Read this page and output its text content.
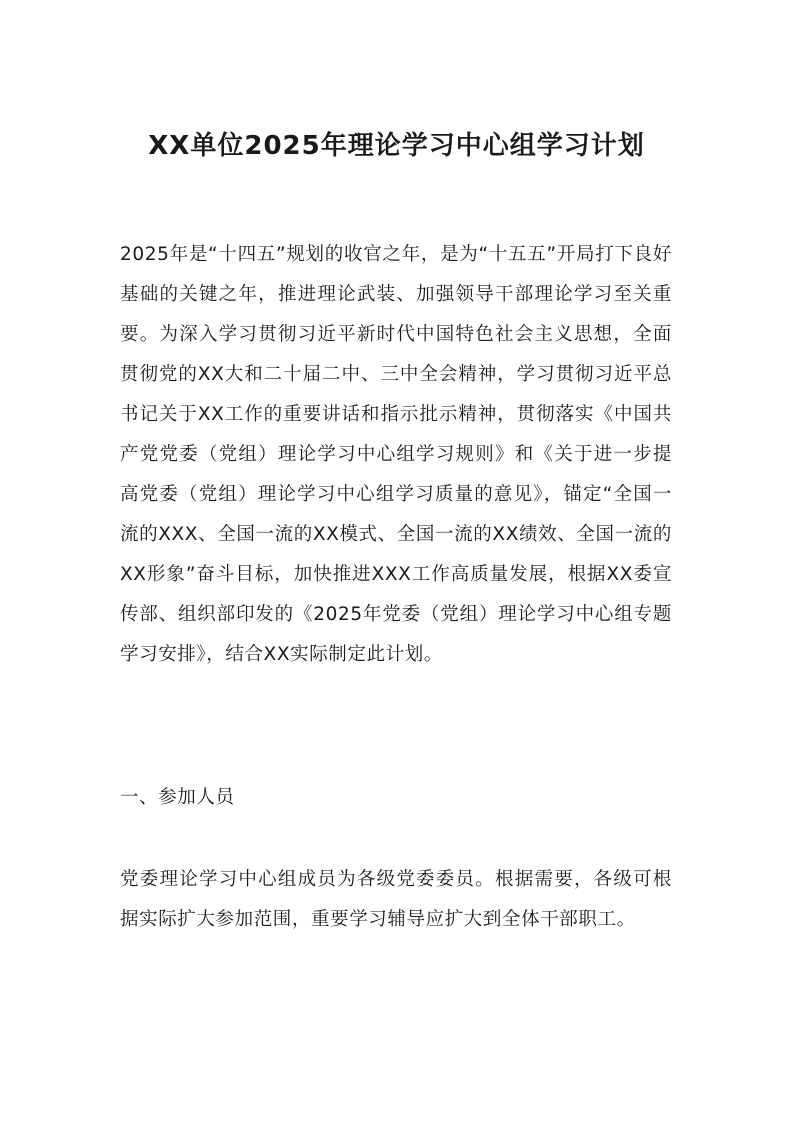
XX单位2025年理论学习中心组学习计划

2025年是“十四五”规划的收官之年，是为“十五五”开局打下良好基础的关键之年，推进理论武装、加强领导干部理论学习至关重要。为深入学习贯彻习近平新时代中国特色社会主义思想，全面贯彻党的XX大和二十届二中、三中全会精神，学习贯彻习近平总书记关于XX工作的重要讲话和指示批示精神，贯彻落实《中国共产党党委（党组）理论学习中心组学习规则》和《关于进一步提高党委（党组）理论学习中心组学习质量的意见》，锚定“全国一流的XXX、全国一流的XX模式、全国一流的XX绩效、全国一流的XX形象”奋斗目标，加快推进XXX工作高质量发展，根据XX委宣传部、组织部印发的《2025年党委（党组）理论学习中心组专题学习安排》，结合XX实际制定此计划。

一、参加人员

党委理论学习中心组成员为各级党委委员。根据需要，各级可根据实际扩大参加范围，重要学习辅导应扩大到全体干部职工。
